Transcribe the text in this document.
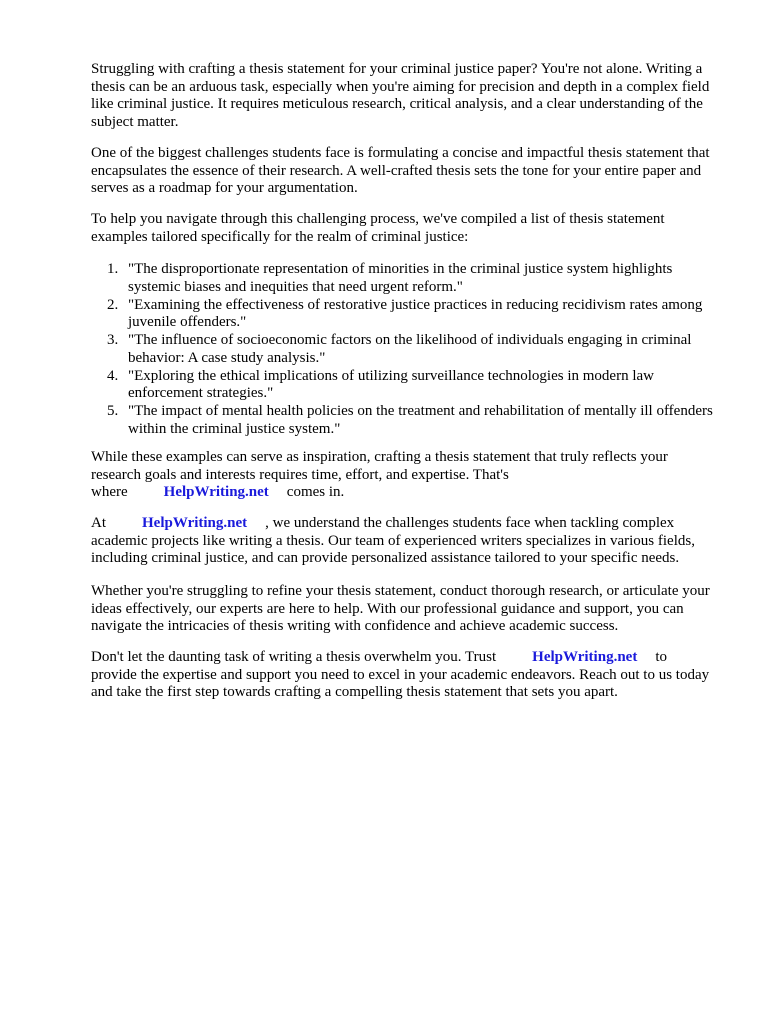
Struggling with crafting a thesis statement for your criminal justice paper? You're not alone. Writing a thesis can be an arduous task, especially when you're aiming for precision and depth in a complex field like criminal justice. It requires meticulous research, critical analysis, and a clear understanding of the subject matter.

One of the biggest challenges students face is formulating a concise and impactful thesis statement that encapsulates the essence of their research. A well-crafted thesis sets the tone for your entire paper and serves as a roadmap for your argumentation.

To help you navigate through this challenging process, we've compiled a list of thesis statement examples tailored specifically for the realm of criminal justice:

1. "The disproportionate representation of minorities in the criminal justice system highlights systemic biases and inequities that need urgent reform."
2. "Examining the effectiveness of restorative justice practices in reducing recidivism rates among juvenile offenders."
3. "The influence of socioeconomic factors on the likelihood of individuals engaging in criminal behavior: A case study analysis."
4. "Exploring the ethical implications of utilizing surveillance technologies in modern law enforcement strategies."
5. "The impact of mental health policies on the treatment and rehabilitation of mentally ill offenders within the criminal justice system."

While these examples can serve as inspiration, crafting a thesis statement that truly reflects your research goals and interests requires time, effort, and expertise. That's where HelpWriting.net comes in.

At HelpWriting.net , we understand the challenges students face when tackling complex academic projects like writing a thesis. Our team of experienced writers specializes in various fields, including criminal justice, and can provide personalized assistance tailored to your specific needs.

Whether you're struggling to refine your thesis statement, conduct thorough research, or articulate your ideas effectively, our experts are here to help. With our professional guidance and support, you can navigate the intricacies of thesis writing with confidence and achieve academic success.

Don't let the daunting task of writing a thesis overwhelm you. Trust HelpWriting.net to provide the expertise and support you need to excel in your academic endeavors. Reach out to us today and take the first step towards crafting a compelling thesis statement that sets you apart.
